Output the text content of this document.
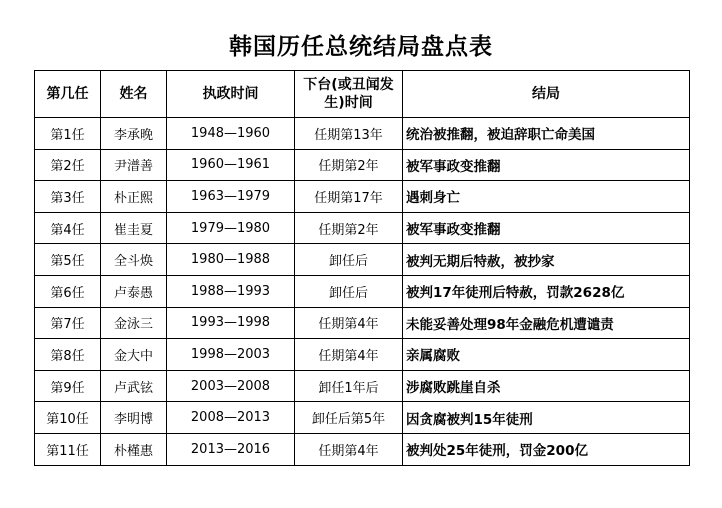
韩国历任总统结局盘点表
第几任	姓名	执政时间	下台(或丑闻发生)时间	结局
第1任	李承晚	1948—1960	任期第13年	统治被推翻，被迫辞职亡命美国
第2任	尹潽善	1960—1961	任期第2年	被军事政变推翻
第3任	朴正熙	1963—1979	任期第17年	遇刺身亡
第4任	崔圭夏	1979—1980	任期第2年	被军事政变推翻
第5任	全斗焕	1980—1988	卸任后	被判无期后特赦，被抄家
第6任	卢泰愚	1988—1993	卸任后	被判17年徒刑后特赦，罚款2628亿
第7任	金泳三	1993—1998	任期第4年	未能妥善处理98年金融危机遭谴责
第8任	金大中	1998—2003	任期第4年	亲属腐败
第9任	卢武铉	2003—2008	卸任1年后	涉腐败跳崖自杀
第10任	李明博	2008—2013	卸任后第5年	因贪腐被判15年徒刑
第11任	朴槿惠	2013—2016	任期第4年	被判处25年徒刑，罚金200亿
